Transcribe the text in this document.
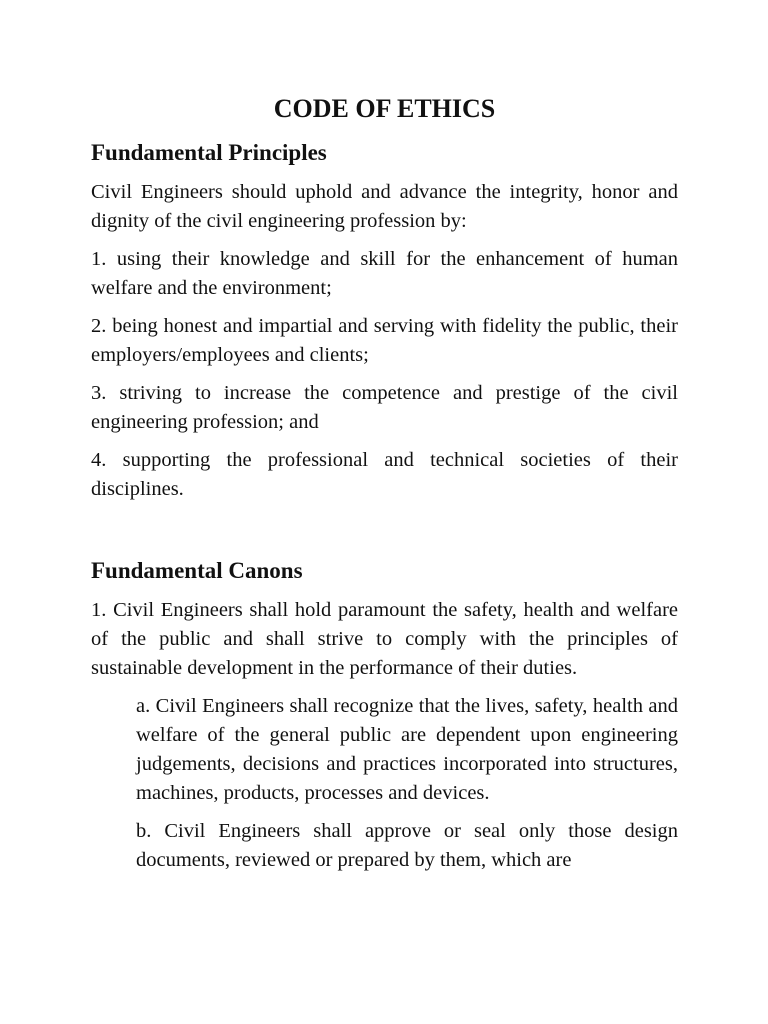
CODE OF ETHICS
Fundamental Principles

Civil Engineers should uphold and advance the integrity, honor and dignity of the civil engineering profession by:

1. using their knowledge and skill for the enhancement of human welfare and the environment;

2. being honest and impartial and serving with fidelity the public, their employers/employees and clients;

3. striving to increase the competence and prestige of the civil engineering profession; and

4. supporting the professional and technical societies of their disciplines.

Fundamental Canons

1. Civil Engineers shall hold paramount the safety, health and welfare of the public and shall strive to comply with the principles of sustainable development in the performance of their duties.

a. Civil Engineers shall recognize that the lives, safety, health and welfare of the general public are dependent upon engineering judgements, decisions and practices incorporated into structures, machines, products, processes and devices.

b. Civil Engineers shall approve or seal only those design documents, reviewed or prepared by them, which are
